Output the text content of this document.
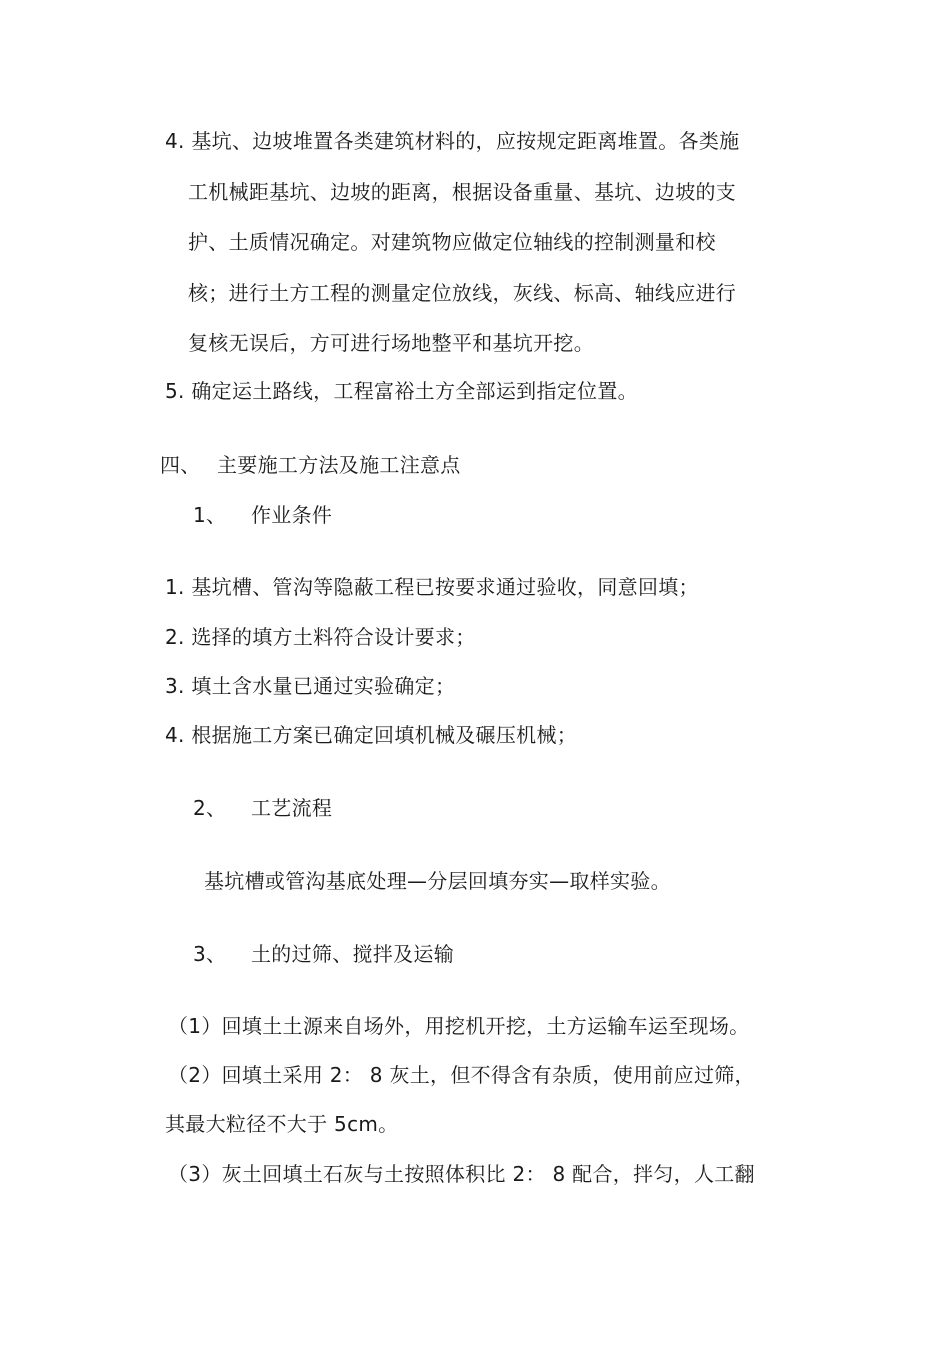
4. 基坑、边坡堆置各类建筑材料的，应按规定距离堆置。各类施
工机械距基坑、边坡的距离，根据设备重量、基坑、边坡的支
护、土质情况确定。对建筑物应做定位轴线的控制测量和校
核；进行土方工程的测量定位放线，灰线、标高、轴线应进行
复核无误后，方可进行场地整平和基坑开挖。
5. 确定运土路线，工程富裕土方全部运到指定位置。
四、 主要施工方法及施工注意点
1、 作业条件
1. 基坑槽、管沟等隐蔽工程已按要求通过验收，同意回填；
2. 选择的填方土料符合设计要求；
3. 填土含水量已通过实验确定；
4. 根据施工方案已确定回填机械及碾压机械；
2、 工艺流程
基坑槽或管沟基底处理—分层回填夯实—取样实验。
3、 土的过筛、搅拌及运输
（1）回填土土源来自场外，用挖机开挖，土方运输车运至现场。
（2）回填土采用 2： 8 灰土，但不得含有杂质，使用前应过筛，
其最大粒径不大于 5cm。
（3）灰土回填土石灰与土按照体积比 2： 8 配合，拌匀，人工翻
